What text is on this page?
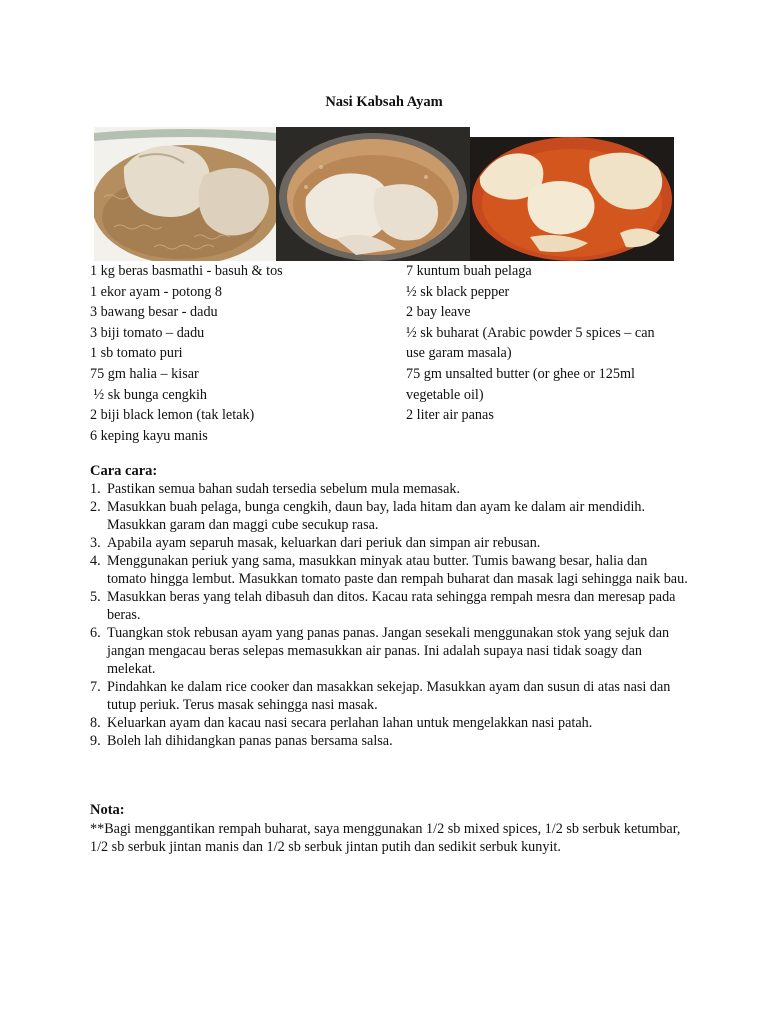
Nasi Kabsah Ayam

1 kg beras basmathi - basuh & tos

1 ekor ayam - potong 8

3 bawang besar - dadu

3 biji tomato – dadu

1 sb tomato puri

75 gm halia – kisar

½ sk bunga cengkih

2 biji black lemon (tak letak)

6 keping kayu manis

7 kuntum buah pelaga

½ sk black pepper

2 bay leave

½ sk buharat (Arabic powder 5 spices – can use garam masala)

75 gm unsalted butter (or ghee or 125ml vegetable oil)

2 liter air panas

Cara cara:
1. Pastikan semua bahan sudah tersedia sebelum mula memasak.
2. Masukkan buah pelaga, bunga cengkih, daun bay, lada hitam dan ayam ke dalam air mendidih. Masukkan garam dan maggi cube secukup rasa.
3. Apabila ayam separuh masak, keluarkan dari periuk dan simpan air rebusan.
4. Menggunakan periuk yang sama, masukkan minyak atau butter. Tumis bawang besar, halia dan tomato hingga lembut. Masukkan tomato paste dan rempah buharat dan masak lagi sehingga naik bau.
5. Masukkan beras yang telah dibasuh dan ditos. Kacau rata sehingga rempah mesra dan meresap pada beras.
6. Tuangkan stok rebusan ayam yang panas panas. Jangan sesekali menggunakan stok yang sejuk dan jangan mengacau beras selepas memasukkan air panas. Ini adalah supaya nasi tidak soagy dan melekat.
7. Pindahkan ke dalam rice cooker dan masakkan sekejap. Masukkan ayam dan susun di atas nasi dan tutup periuk. Terus masak sehingga nasi masak.
8. Keluarkan ayam dan kacau nasi secara perlahan lahan untuk mengelakkan nasi patah.
9. Boleh lah dihidangkan panas panas bersama salsa.
Nota:
**Bagi menggantikan rempah buharat, saya menggunakan 1/2 sb mixed spices, 1/2 sb serbuk ketumbar, 1/2 sb serbuk jintan manis dan 1/2 sb serbuk jintan putih dan sedikit serbuk kunyit.
